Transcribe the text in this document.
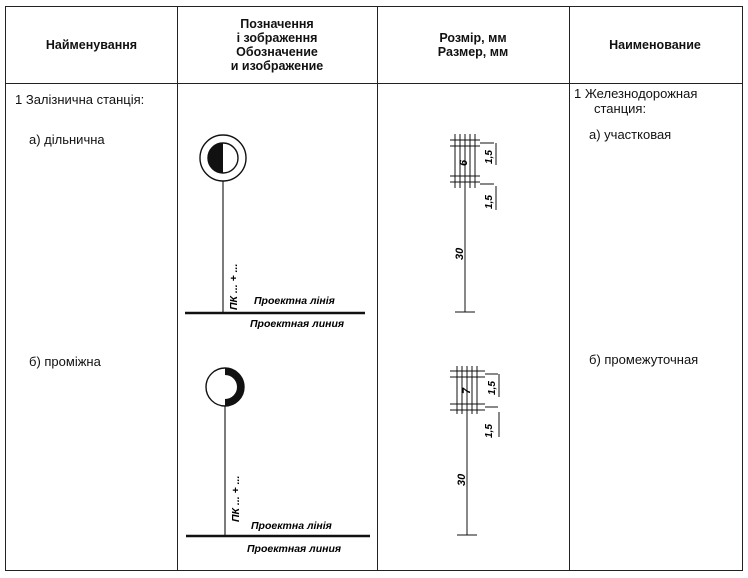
Найменування
Позначення
і зображення
Обозначение
и изображение
Розмір, мм
Размер, мм	Наименование
1 Залізнична станція:
а) дільнична
б) проміжна
1 Железнодорожная
станция:
а) участковая
б) промежуточная
ПК ... + ... Проектна лінія
Проектная линия
ПК ... + ...
Проектна лінія
Проектная линия
6 1,5
1,5
30
7 1,5
1,5
30
